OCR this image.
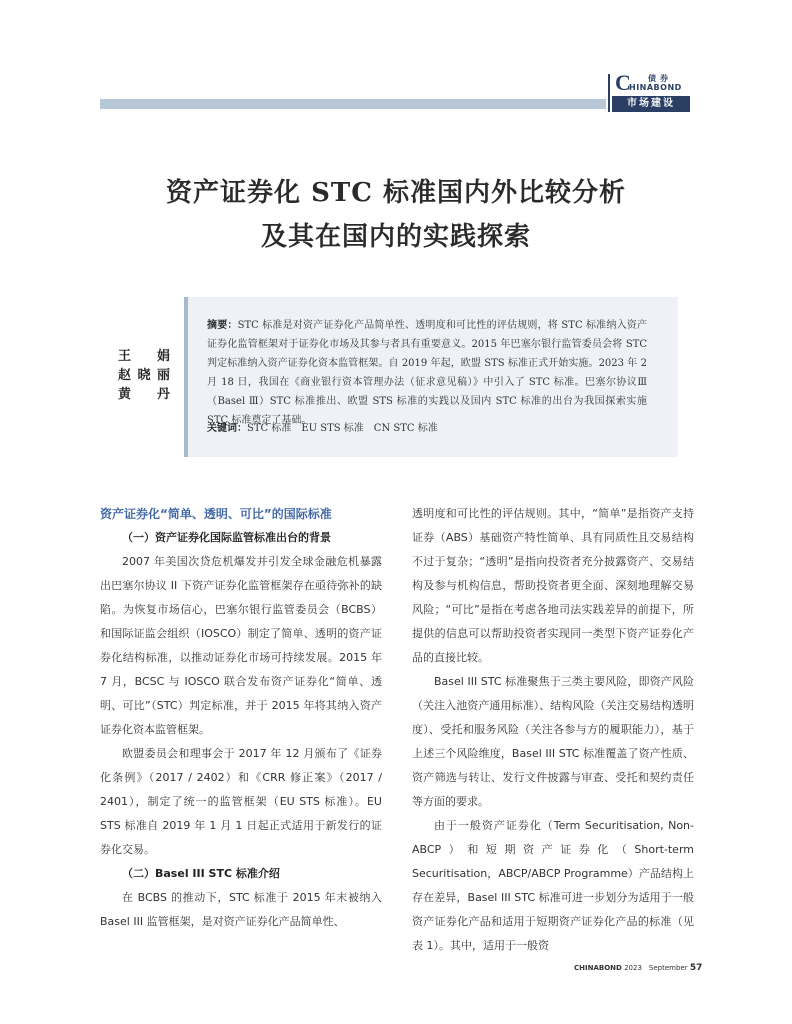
C 债券
HINABOND
市场建设
资产证券化 STC 标准国内外比较分析
及其在国内的实践探索
王　娟
赵晓丽
黄　丹

摘要：STC 标准是对资产证券化产品简单性、透明度和可比性的评估规则，将 STC 标准纳入资产证券化监管框架对于证券化市场及其参与者具有重要意义。2015 年巴塞尔银行监管委员会将 STC 判定标准纳入资产证券化资本监管框架。自 2019 年起，欧盟 STS 标准正式开始实施。2023 年 2 月 18 日，我国在《商业银行资本管理办法（征求意见稿）》中引入了 STC 标准。巴塞尔协议Ⅲ（Basel Ⅲ）STC 标准推出、欧盟 STS 标准的实践以及国内 STC 标准的出台为我国探索实施 STC 标准奠定了基础。

关键词：STC 标准　EU STS 标准　CN STC 标准

资产证券化“简单、透明、可比”的国际标准

（一）资产证券化国际监管标准出台的背景

2007 年美国次贷危机爆发并引发全球金融危机暴露出巴塞尔协议 II 下资产证券化监管框架存在亟待弥补的缺陷。为恢复市场信心，巴塞尔银行监管委员会（BCBS）和国际证监会组织（IOSCO）制定了简单、透明的资产证券化结构标准，以推动证券化市场可持续发展。2015 年 7 月，BCSC 与 IOSCO 联合发布资产证券化“简单、透明、可比”（STC）判定标准，并于 2015 年将其纳入资产证券化资本监管框架。

欧盟委员会和理事会于 2017 年 12 月颁布了《证券化条例》（2017 / 2402）和《CRR 修正案》（2017 / 2401），制定了统一的监管框架（EU STS 标准）。EU STS 标准自 2019 年 1 月 1 日起正式适用于新发行的证券化交易。

（二）Basel III STC 标准介绍

在 BCBS 的推动下，STC 标准于 2015 年末被纳入 Basel III 监管框架，是对资产证券化产品简单性、

透明度和可比性的评估规则。其中，“简单”是指资产支持证券（ABS）基础资产特性简单、具有同质性且交易结构不过于复杂；“透明”是指向投资者充分披露资产、交易结构及参与机构信息，帮助投资者更全面、深刻地理解交易风险；“可比”是指在考虑各地司法实践差异的前提下，所提供的信息可以帮助投资者实现同一类型下资产证券化产品的直接比较。

Basel III STC 标准聚焦于三类主要风险，即资产风险（关注入池资产通用标准）、结构风险（关注交易结构透明度）、受托和服务风险（关注各参与方的履职能力），基于上述三个风险维度，Basel III STC 标准覆盖了资产性质、资产筛选与转让、发行文件披露与审查、受托和契约责任等方面的要求。

由于一般资产证券化（Term Securitisation, Non-ABCP）和短期资产证券化（Short-term Securitisation，ABCP/ABCP Programme）产品结构上存在差异，Basel III STC 标准可进一步划分为适用于一般资产证券化产品和适用于短期资产证券化产品的标准（见表 1）。其中，适用于一般资

CHINABOND 2023　September 57
